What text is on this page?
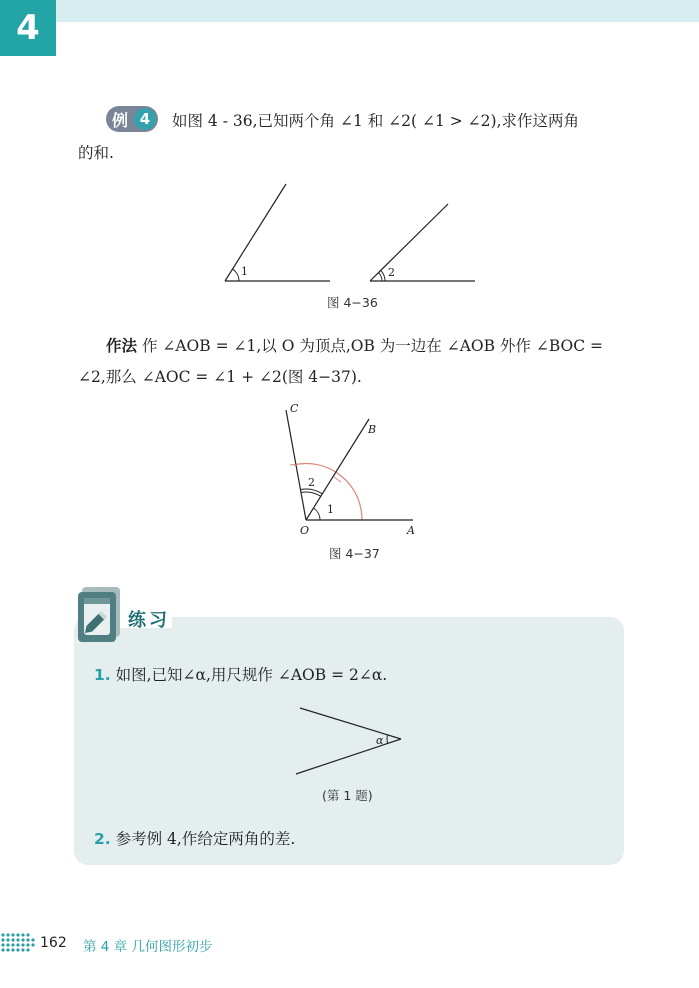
4
例 4	如图 4 - 36,已知两个角 ∠1 和 ∠2( ∠1 > ∠2),求作这两角
的和.
1	2
图 4−36
作法 作 ∠AOB = ∠1,以 O 为顶点,OB 为一边在 ∠AOB 外作 ∠BOC =
∠2,那么 ∠AOC = ∠1 + ∠2(图 4−37).
2
1
C
B
O	A
图 4−37
练习
1. 如图,已知∠α,用尺规作 ∠AOB = 2∠α.
α
(第 1 题)
2. 参考例 4,作给定两角的差.
162 第 4 章 几何图形初步
